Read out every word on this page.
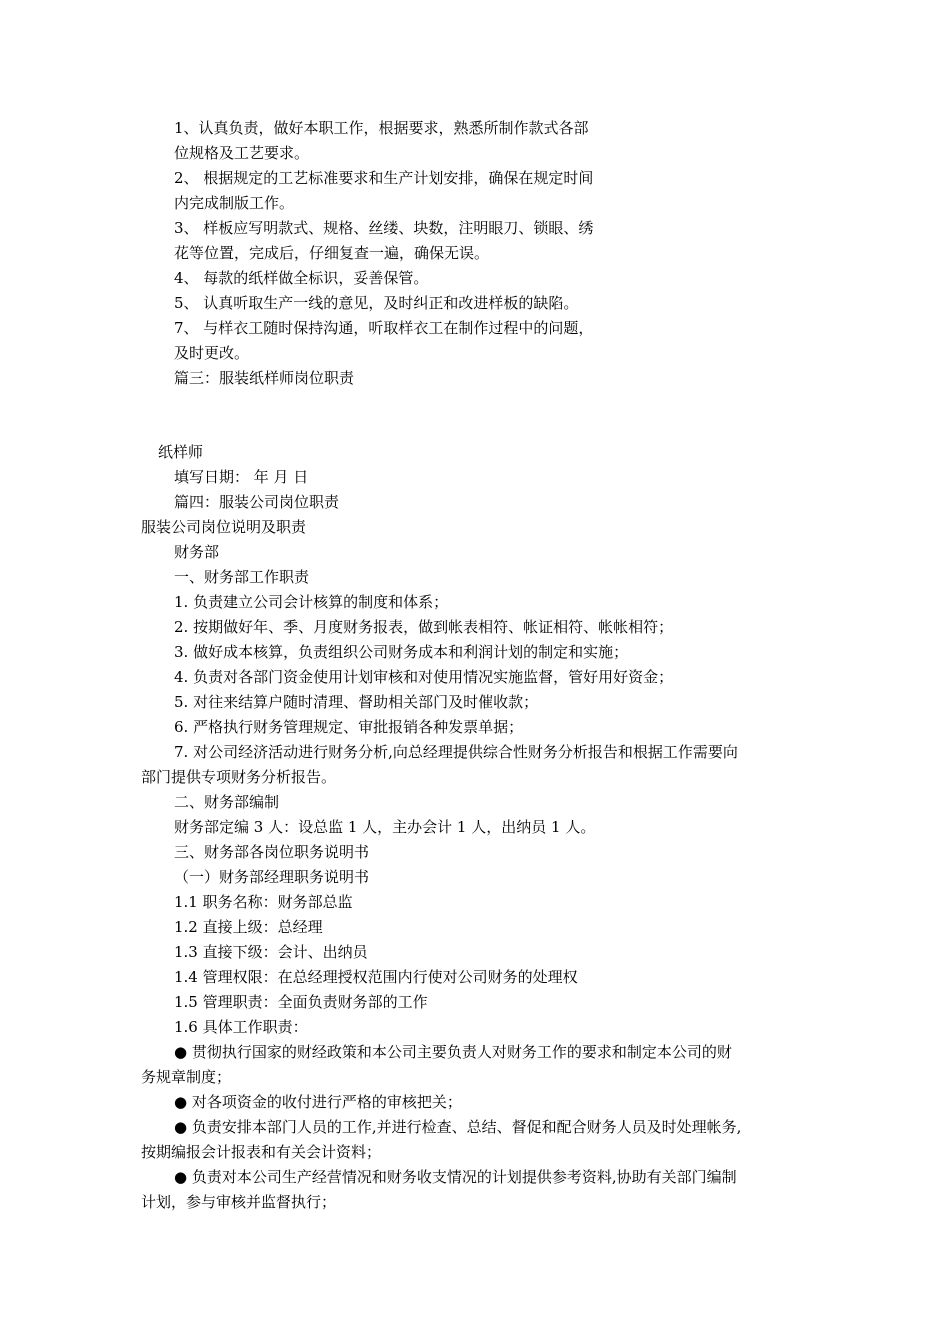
1、认真负责，做好本职工作，根据要求，熟悉所制作款式各部
位规格及工艺要求。
2、 根据规定的工艺标准要求和生产计划安排，确保在规定时间
内完成制版工作。
3、 样板应写明款式、规格、丝缕、块数，注明眼刀、锁眼、绣
花等位置，完成后，仔细复查一遍，确保无误。
4、 每款的纸样做全标识，妥善保管。
5、 认真听取生产一线的意见，及时纠正和改进样板的缺陷。
7、 与样衣工随时保持沟通，听取样衣工在制作过程中的问题，
及时更改。
篇三：服装纸样师岗位职责
纸样师
填写日期： 年 月 日
篇四：服装公司岗位职责
服装公司岗位说明及职责
财务部
一、财务部工作职责
1. 负责建立公司会计核算的制度和体系；
2. 按期做好年、季、月度财务报表，做到帐表相符、帐证相符、帐帐相符；
3. 做好成本核算，负责组织公司财务成本和利润计划的制定和实施；
4. 负责对各部门资金使用计划审核和对使用情况实施监督，管好用好资金；
5. 对往来结算户随时清理、督助相关部门及时催收款；
6. 严格执行财务管理规定、审批报销各种发票单据；
7. 对公司经济活动进行财务分析,向总经理提供综合性财务分析报告和根据工作需要向
部门提供专项财务分析报告。
二、财务部编制
财务部定编 3 人：设总监 1 人，主办会计 1 人，出纳员 1 人。
三、财务部各岗位职务说明书
（一）财务部经理职务说明书
1.1 职务名称：财务部总监
1.2 直接上级：总经理
1.3 直接下级：会计、出纳员
1.4 管理权限：在总经理授权范围内行使对公司财务的处理权
1.5 管理职责：全面负责财务部的工作
1.6 具体工作职责：
● 贯彻执行国家的财经政策和本公司主要负责人对财务工作的要求和制定本公司的财
务规章制度；
● 对各项资金的收付进行严格的审核把关；
● 负责安排本部门人员的工作,并进行检查、总结、督促和配合财务人员及时处理帐务,
按期编报会计报表和有关会计资料；
● 负责对本公司生产经营情况和财务收支情况的计划提供参考资料,协助有关部门编制
计划，参与审核并监督执行；
